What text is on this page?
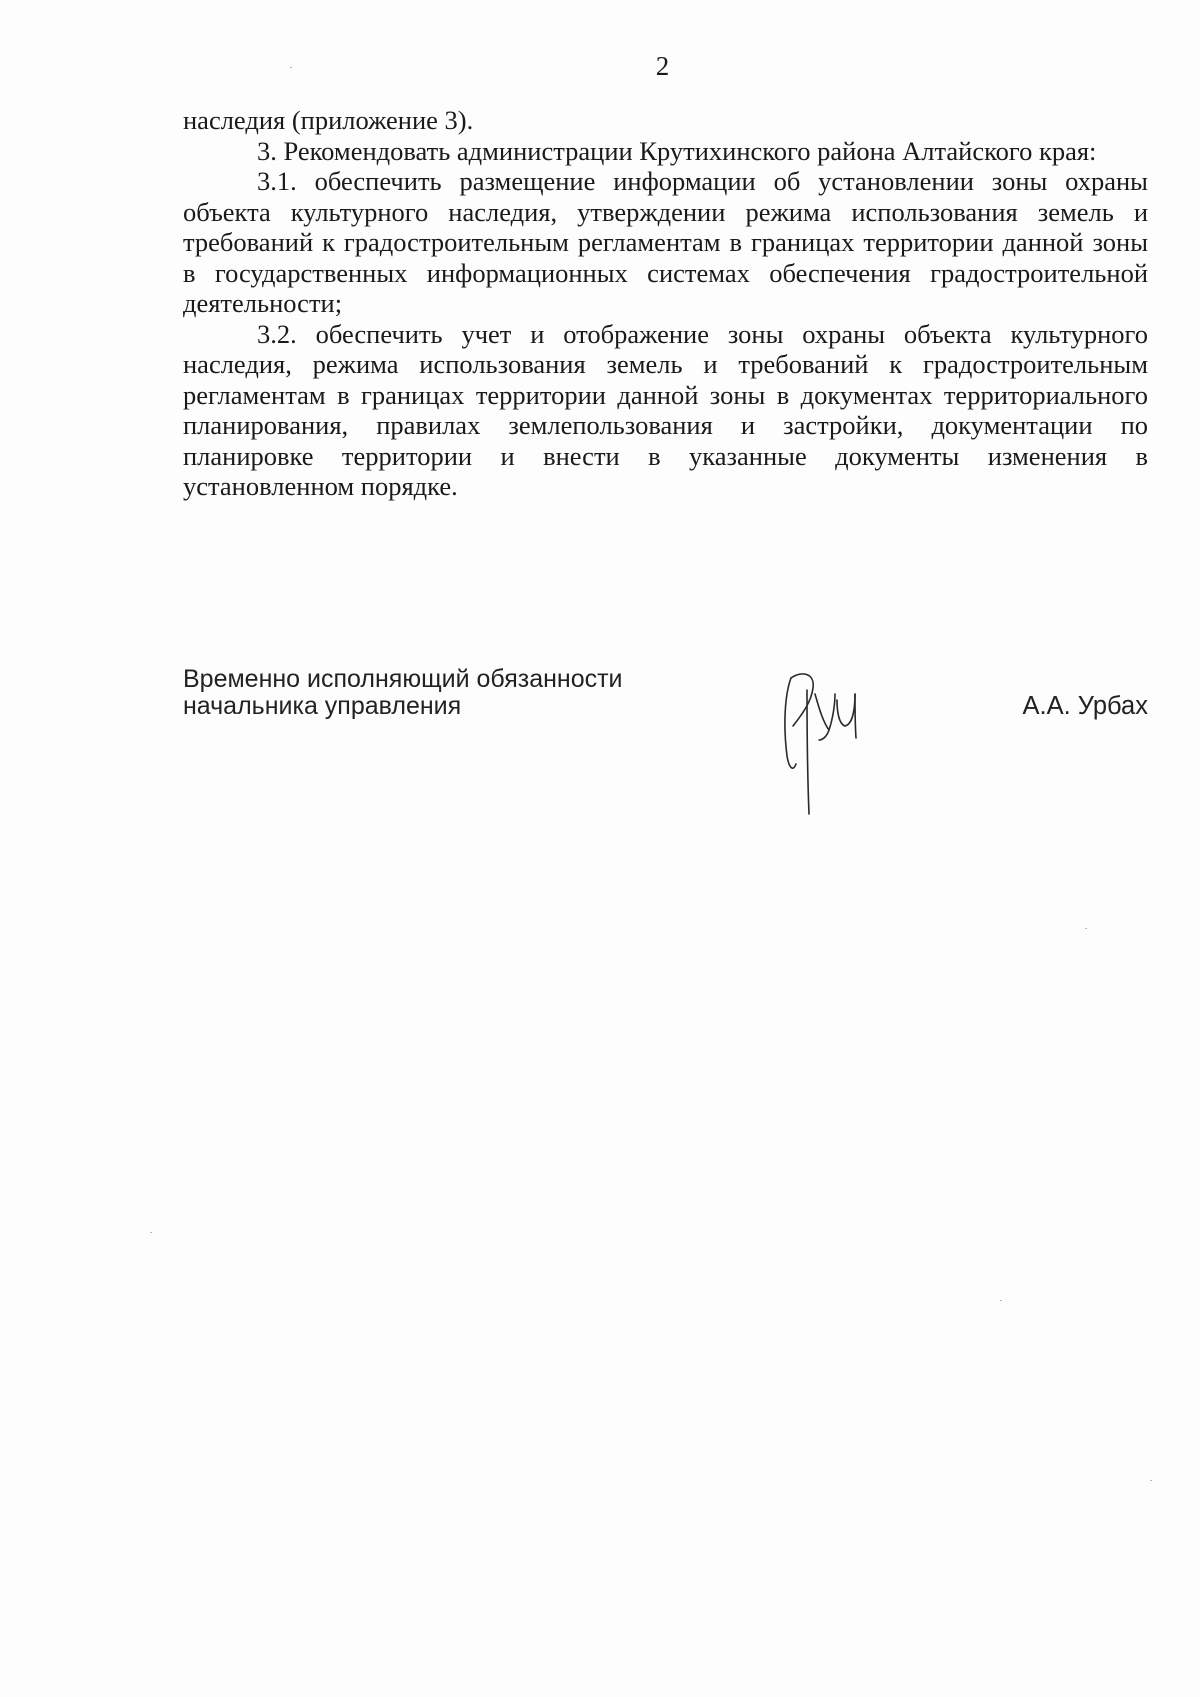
2

наследия (приложение 3).

3. Рекомендовать администрации Крутихинского района Алтайского края:

3.1. обеспечить размещение информации об установлении зоны охраны объекта культурного наследия, утверждении режима использования земель и требований к градостроительным регламентам в границах территории данной зоны в государственных информационных системах обеспечения градостроительной деятельности;

3.2. обеспечить учет и отображение зоны охраны объекта культурного наследия, режима использования земель и требований к градостроительным регламентам в границах территории данной зоны в документах территориального планирования, правилах землепользования и застройки, документации по планировке территории и внести в указанные документы изменения в установленном порядке.

Временно исполняющий обязанности
начальника управления	А.А. Урбах
